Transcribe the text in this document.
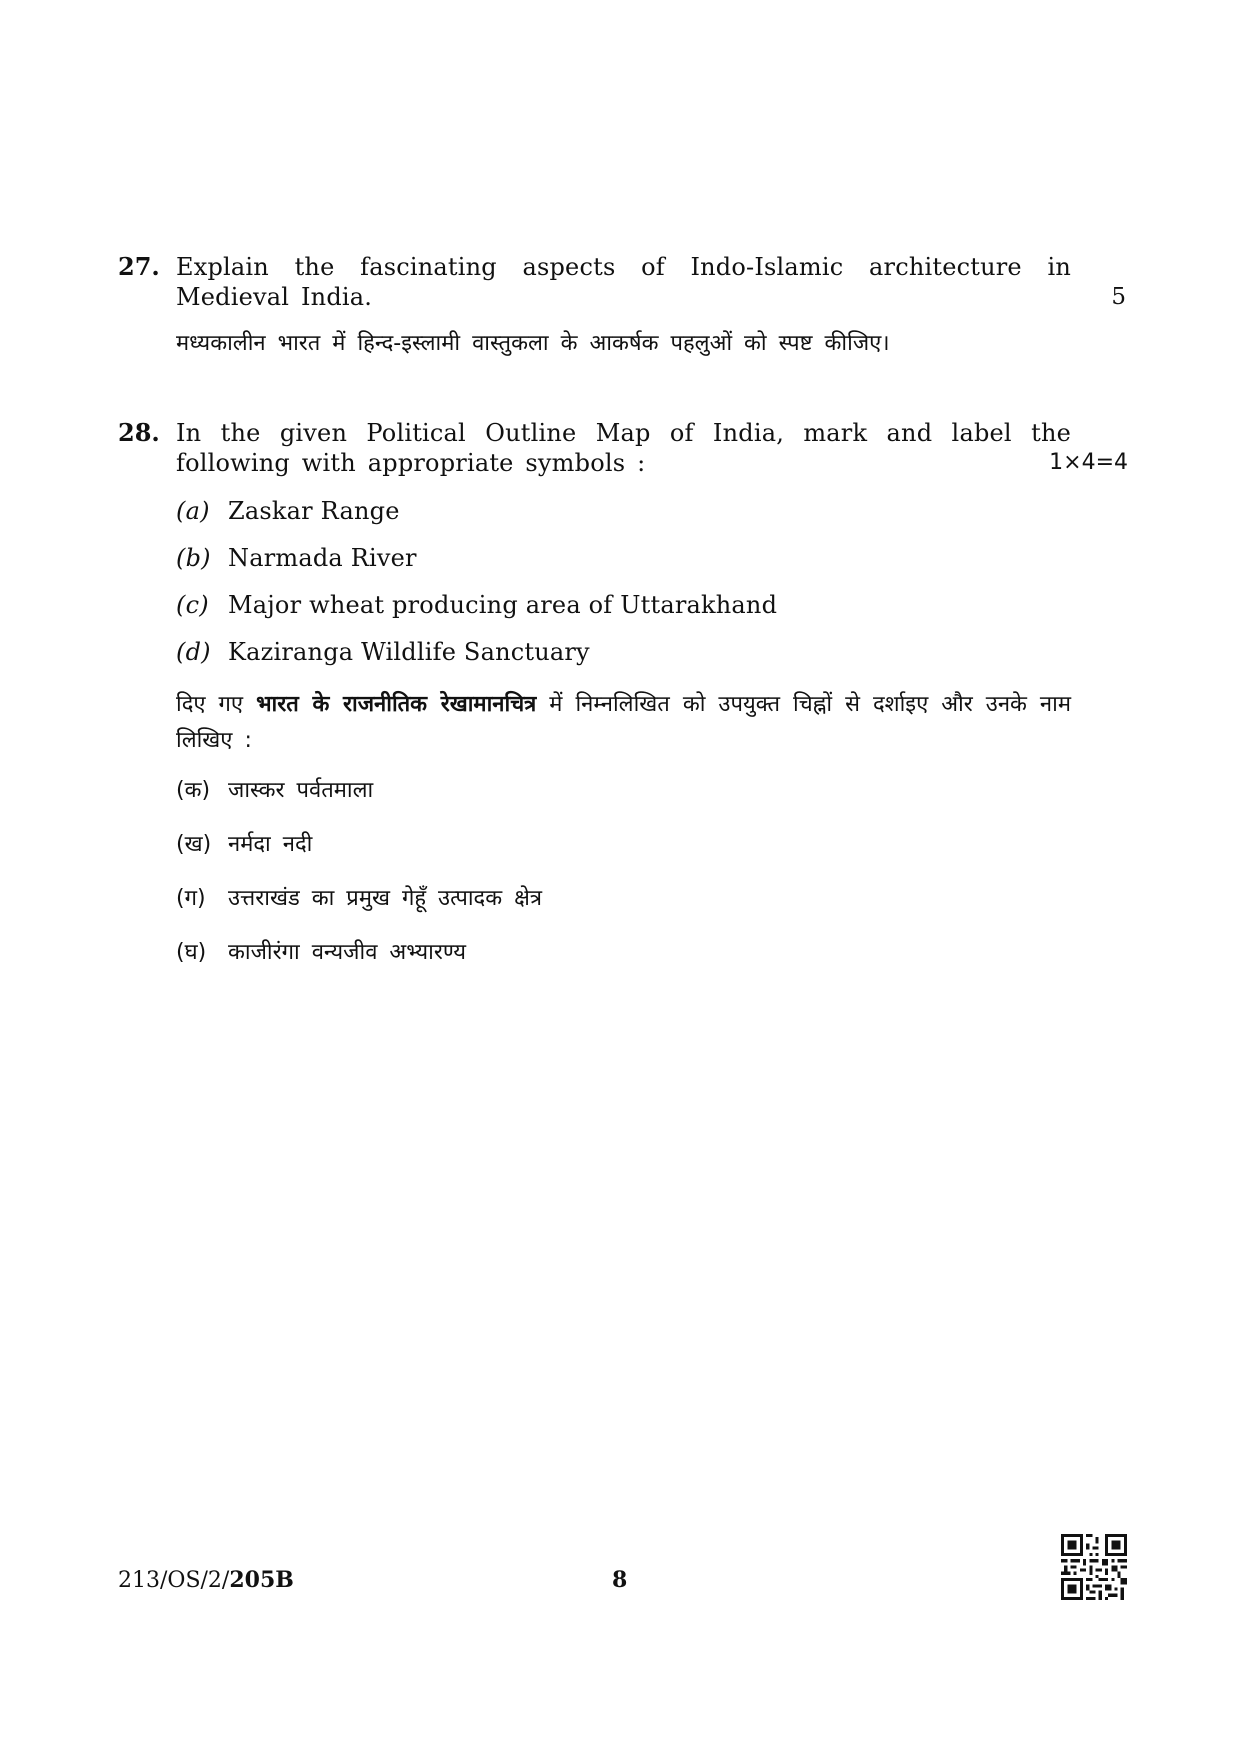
27. Explain the fascinating aspects of Indo-Islamic architecture in Medieval India.	5
मध्यकालीन भारत में हिन्द-इस्लामी वास्तुकला के आकर्षक पहलुओं को स्पष्ट कीजिए।
28. In the given Political Outline Map of India, mark and label the following with appropriate symbols :	1×4=4
(a) Zaskar Range
(b) Narmada River
(c) Major wheat producing area of Uttarakhand
(d) Kaziranga Wildlife Sanctuary
दिए गए भारत के राजनीतिक रेखामानचित्र में निम्नलिखित को उपयुक्त चिह्नों से दर्शाइए और उनके नाम लिखिए :
(क) जास्कर पर्वतमाला
(ख) नर्मदा नदी
(ग)	उत्तराखंड का प्रमुख गेहूँ उत्पादक क्षेत्र
(घ) काजीरंगा वन्यजीव अभ्यारण्य
213/OS/2/205B	8
